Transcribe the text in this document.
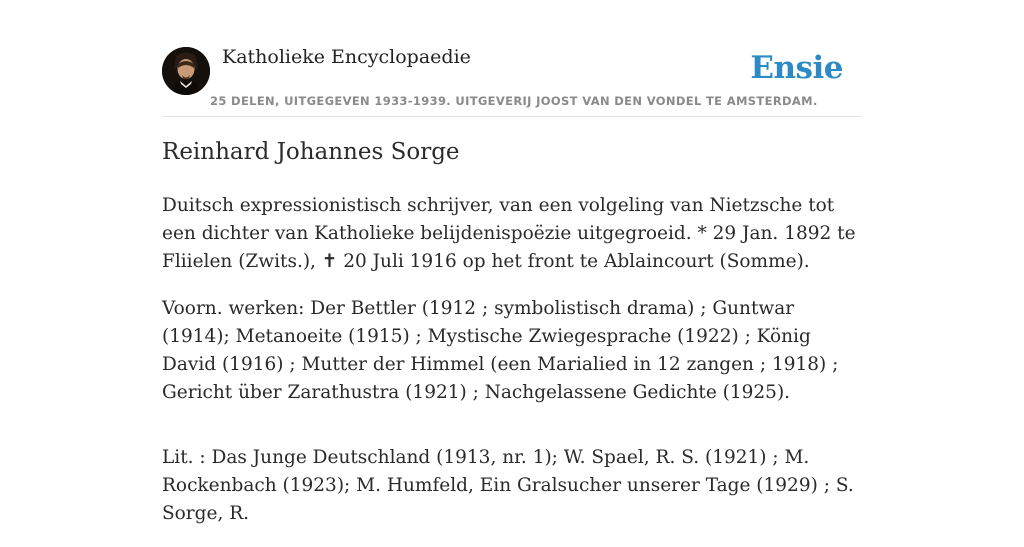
Katholieke Encyclopaedie	Ensie
25 DELEN, UITGEGEVEN 1933-1939. UITGEVERIJ JOOST VAN DEN VONDEL TE AMSTERDAM.
Reinhard Johannes Sorge

Duitsch expressionistisch schrijver, van een volgeling van Nietzsche tot een dichter van Katholieke belijdenispoëzie uitgegroeid. * 29 Jan. 1892 te Fliielen (Zwits.), ✝ 20 Juli 1916 op het front te Ablaincourt (Somme).

Voorn. werken: Der Bettler (1912 ; symbolistisch drama) ; Guntwar (1914); Metanoeite (1915) ; Mystische Zwiegesprache (1922) ; König David (1916) ; Mutter der Himmel (een Marialied in 12 zangen ; 1918) ; Gericht über Zarathustra (1921) ; Nachgelassene Gedichte (1925).

Lit. : Das Junge Deutschland (1913, nr. 1); W. Spael, R. S. (1921) ; M. Rockenbach (1923); M. Humfeld, Ein Gralsucher unserer Tage (1929) ; S. Sorge, R.
